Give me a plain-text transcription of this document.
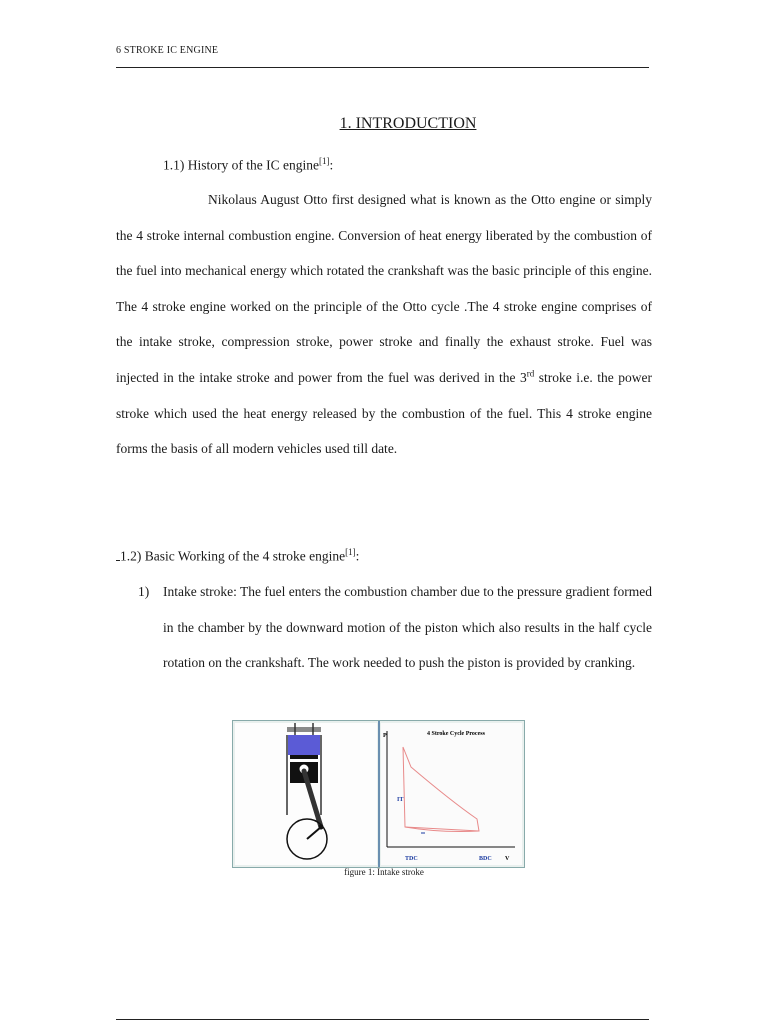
6 STROKE IC ENGINE
1. INTRODUCTION
1.1) History of the IC engine[1]:

Nikolaus August Otto first designed what is known as the Otto engine or simply the 4 stroke internal combustion engine. Conversion of heat energy liberated by the combustion of the fuel into mechanical energy which rotated the crankshaft was the basic principle of this engine. The 4 stroke engine worked on the principle of the Otto cycle .The 4 stroke engine comprises of the intake stroke, compression stroke, power stroke and finally the exhaust stroke. Fuel was injected in the intake stroke and power from the fuel was derived in the 3rd stroke i.e. the power stroke which used the heat energy released by the combustion of the fuel. This 4 stroke engine forms the basis of all modern vehicles used till date.

1.2) Basic Working of the 4 stroke engine[1]:
1) Intake stroke: The fuel enters the combustion chamber due to the pressure gradient formed in the chamber by the downward motion of the piston which also results in the half cycle rotation on the crankshaft. The work needed to push the piston is provided by cranking.
4 Stroke Cycle Process
P
IT
TDC	BDC V
figure 1: Intake stroke
